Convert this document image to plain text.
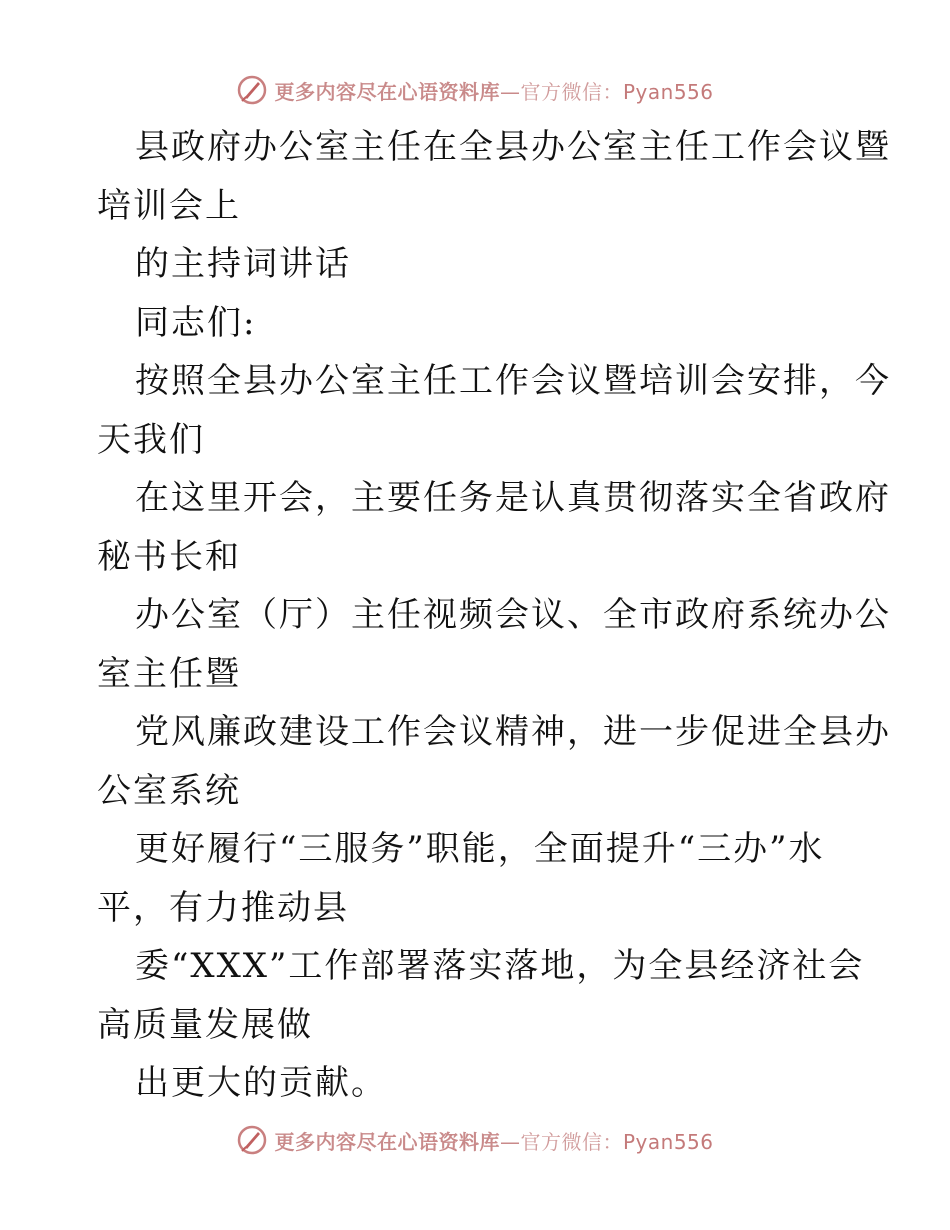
更多内容尽在心语资料库—官方微信：Pyan556
县政府办公室主任在全县办公室主任工作会议暨
培训会上
的主持词讲话
同志们:
按照全县办公室主任工作会议暨培训会安排，今
天我们
在这里开会，主要任务是认真贯彻落实全省政府
秘书长和
办公室（厅）主任视频会议、全市政府系统办公
室主任暨
党风廉政建设工作会议精神，进一步促进全县办
公室系统
更好履行“三服务”职能，全面提升“三办”水
平，有力推动县
委“XXX”工作部署落实落地，为全县经济社会
高质量发展做
出更大的贡献。
更多内容尽在心语资料库—官方微信：Pyan556
